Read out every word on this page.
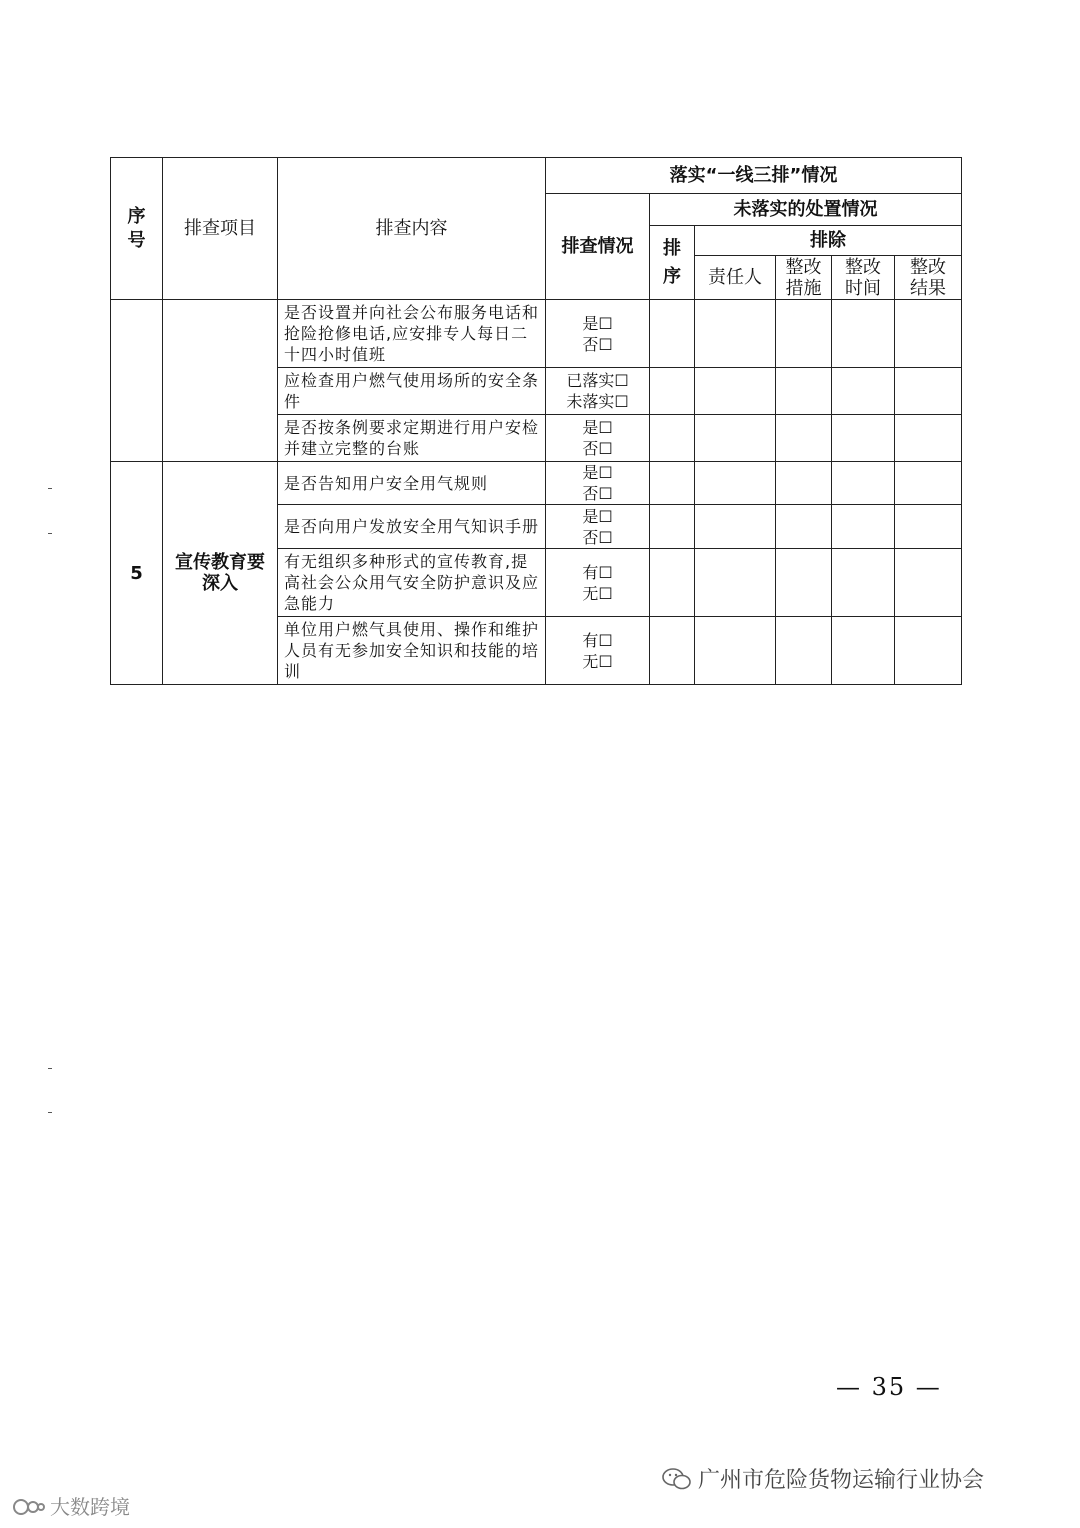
序号	排查项目	排查内容	落实“一线三排”情况					
			排查情况	未落实的处置情况				
				排序	排除			
					责任人	整改措施	整改时间	整改结果
		是否设置并向社会公布服务电话和抢险抢修电话,应安排专人每日二十四小时值班	是☐
否☐					

		应检查用户燃气使用场所的安全条件	已落实☐
未落实☐					

		是否按条例要求定期进行用户安检并建立完整的台账	是☐
否☐					

5	宣传教育要深入	是否告知用户安全用气规则	是☐
否☐					

		是否向用户发放安全用气知识手册	是☐
否☐					

		有无组织多种形式的宣传教育,提高社会公众用气安全防护意识及应急能力	有☐
无☐					

		单位用户燃气具使用、操作和维护人员有无参加安全知识和技能的培训	有☐
无☐					

— 35 —
广州市危险货物运输行业协会
大数跨境
